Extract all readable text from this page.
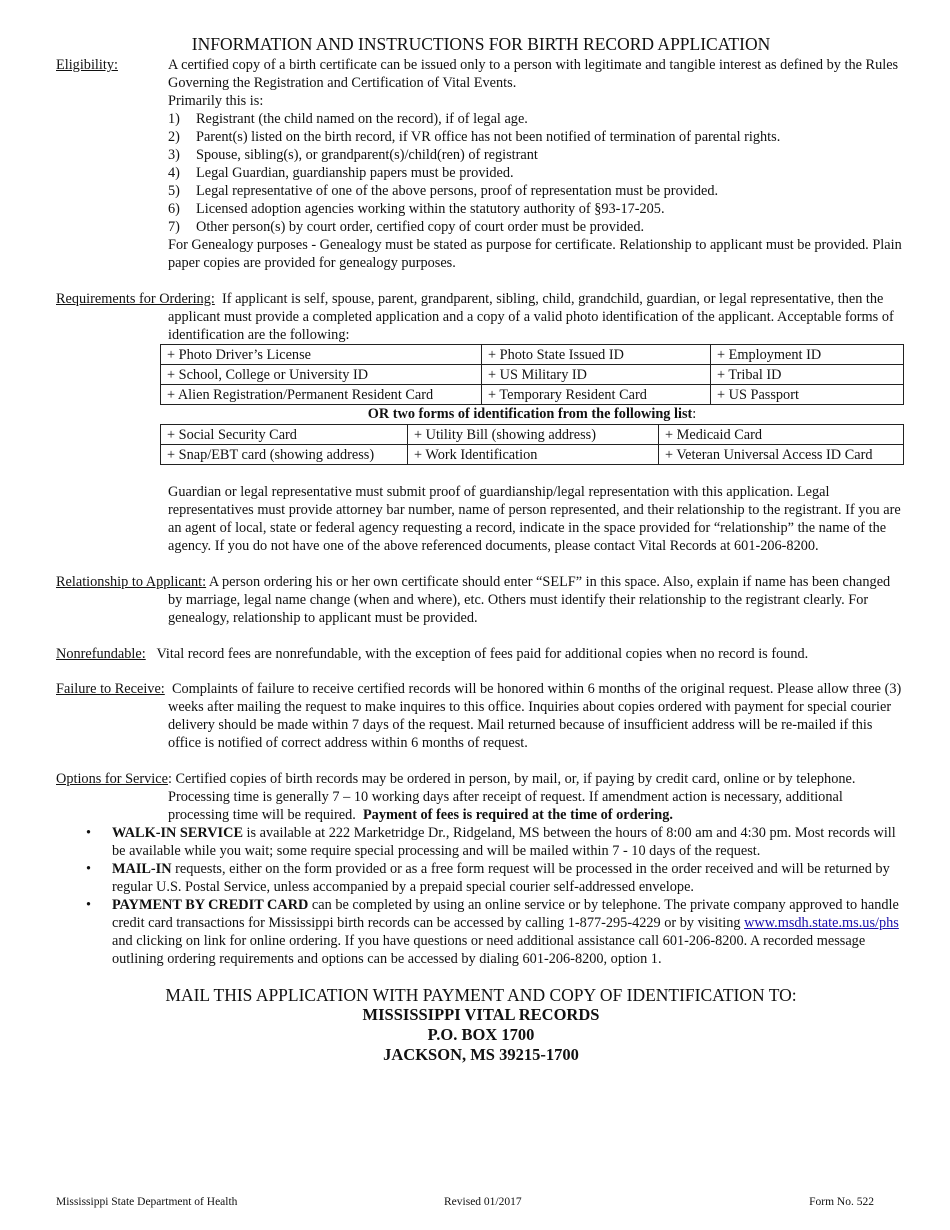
INFORMATION AND INSTRUCTIONS FOR BIRTH RECORD APPLICATION
Eligibility:	A certified copy of a birth certificate can be issued only to a person with legitimate and tangible interest as defined by the Rules Governing the Registration and Certification of Vital Events.
Primarily this is:
1) Registrant (the child named on the record), if of legal age.
2) Parent(s) listed on the birth record, if VR office has not been notified of termination of parental rights.
3) Spouse, sibling(s), or grandparent(s)/child(ren) of registrant
4) Legal Guardian, guardianship papers must be provided.
5) Legal representative of one of the above persons, proof of representation must be provided.
6) Licensed adoption agencies working within the statutory authority of §93-17-205.
7) Other person(s) by court order, certified copy of court order must be provided.
For Genealogy purposes - Genealogy must be stated as purpose for certificate. Relationship to applicant must be provided. Plain paper copies are provided for genealogy purposes.
Requirements for Ordering: If applicant is self, spouse, parent, grandparent, sibling, child, grandchild, guardian, or legal representative, then the applicant must provide a completed application and a copy of a valid photo identification of the applicant. Acceptable forms of identification are the following:
+ Photo Driver’s License	+ Photo State Issued ID	+ Employment ID
+ School, College or University ID	+ US Military ID	+ Tribal ID
+ Alien Registration/Permanent Resident Card	+ Temporary Resident Card	+ US Passport
OR two forms of identification from the following list:
+ Social Security Card	+ Utility Bill (showing address)	+ Medicaid Card
+ Snap/EBT card (showing address)	+ Work Identification	+ Veteran Universal Access ID Card
Guardian or legal representative must submit proof of guardianship/legal representation with this application. Legal representatives must provide attorney bar number, name of person represented, and their relationship to the registrant. If you are an agent of local, state or federal agency requesting a record, indicate in the space provided for “relationship” the name of the agency. If you do not have one of the above referenced documents, please contact Vital Records at 601-206-8200.
Relationship to Applicant: A person ordering his or her own certificate should enter “SELF” in this space. Also, explain if name has been changed by marriage, legal name change (when and where), etc. Others must identify their relationship to the registrant clearly. For genealogy, relationship to applicant must be provided.
Nonrefundable: Vital record fees are nonrefundable, with the exception of fees paid for additional copies when no record is found.
Failure to Receive: Complaints of failure to receive certified records will be honored within 6 months of the original request. Please allow three (3) weeks after mailing the request to make inquires to this office. Inquiries about copies ordered with payment for special courier delivery should be made within 7 days of the request. Mail returned because of insufficient address will be re-mailed if this office is notified of correct address within 6 months of request.
Options for Service: Certified copies of birth records may be ordered in person, by mail, or, if paying by credit card, online or by telephone. Processing time is generally 7 – 10 working days after receipt of request. If amendment action is necessary, additional processing time will be required. Payment of fees is required at the time of ordering.
• WALK-IN SERVICE is available at 222 Marketridge Dr., Ridgeland, MS between the hours of 8:00 am and 4:30 pm. Most records will be available while you wait; some require special processing and will be mailed within 7 - 10 days of the request.
• MAIL-IN requests, either on the form provided or as a free form request will be processed in the order received and will be returned by regular U.S. Postal Service, unless accompanied by a prepaid special courier self-addressed envelope.
• PAYMENT BY CREDIT CARD can be completed by using an online service or by telephone. The private company approved to handle credit card transactions for Mississippi birth records can be accessed by calling 1-877-295-4229 or by visiting www.msdh.state.ms.us/phs and clicking on link for online ordering. If you have questions or need additional assistance call 601-206-8200. A recorded message outlining ordering requirements and options can be accessed by dialing 601-206-8200, option 1.
MAIL THIS APPLICATION WITH PAYMENT AND COPY OF IDENTIFICATION TO:
MISSISSIPPI VITAL RECORDS
P.O. BOX 1700
JACKSON, MS 39215-1700
Mississippi State Department of Health	Revised 01/2017	Form No. 522
